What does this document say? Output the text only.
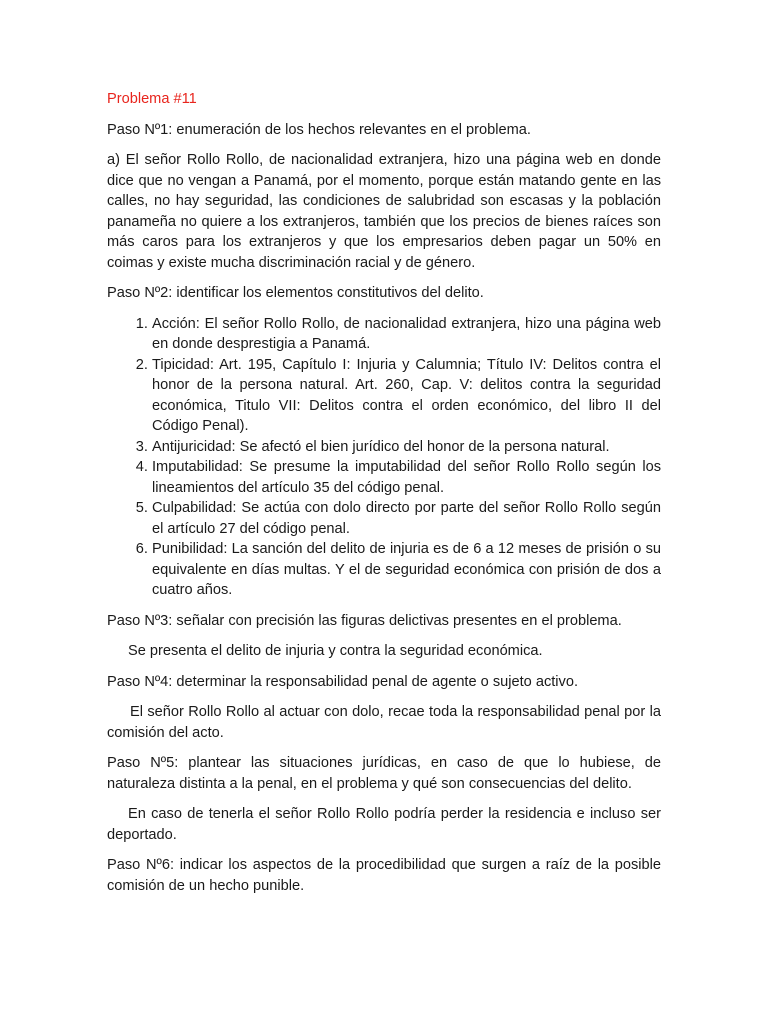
Problema #11

Paso Nº1: enumeración de los hechos relevantes en el problema.

a) El señor Rollo Rollo, de nacionalidad extranjera, hizo una página web en donde dice que no vengan a Panamá, por el momento, porque están matando gente en las calles, no hay seguridad, las condiciones de salubridad son escasas y la población panameña no quiere a los extranjeros, también que los precios de bienes raíces son más caros para los extranjeros y que los empresarios deben pagar un 50% en coimas y existe mucha discriminación racial y de género.

Paso Nº2: identificar los elementos constitutivos del delito.

1. Acción: El señor Rollo Rollo, de nacionalidad extranjera, hizo una página web en donde desprestigia a Panamá.
2. Tipicidad: Art. 195, Capítulo I: Injuria y Calumnia; Título IV: Delitos contra el honor de la persona natural. Art. 260, Cap. V: delitos contra la seguridad económica, Titulo VII: Delitos contra el orden económico, del libro II del Código Penal).
3. Antijuricidad: Se afectó el bien jurídico del honor de la persona natural.
4. Imputabilidad: Se presume la imputabilidad del señor Rollo Rollo según los lineamientos del artículo 35 del código penal.
5. Culpabilidad: Se actúa con dolo directo por parte del señor Rollo Rollo según el artículo 27 del código penal.
6. Punibilidad: La sanción del delito de injuria es de 6 a 12 meses de prisión o su equivalente en días multas. Y el de seguridad económica con prisión de dos a cuatro años.

Paso Nº3: señalar con precisión las figuras delictivas presentes en el problema.

Se presenta el delito de injuria y contra la seguridad económica.

Paso Nº4: determinar la responsabilidad penal de agente o sujeto activo.

El señor Rollo Rollo al actuar con dolo, recae toda la responsabilidad penal por la comisión del acto.

Paso Nº5: plantear las situaciones jurídicas, en caso de que lo hubiese, de naturaleza distinta a la penal, en el problema y qué son consecuencias del delito.

En caso de tenerla el señor Rollo Rollo podría perder la residencia e incluso ser deportado.

Paso Nº6: indicar los aspectos de la procedibilidad que surgen a raíz de la posible comisión de un hecho punible.
